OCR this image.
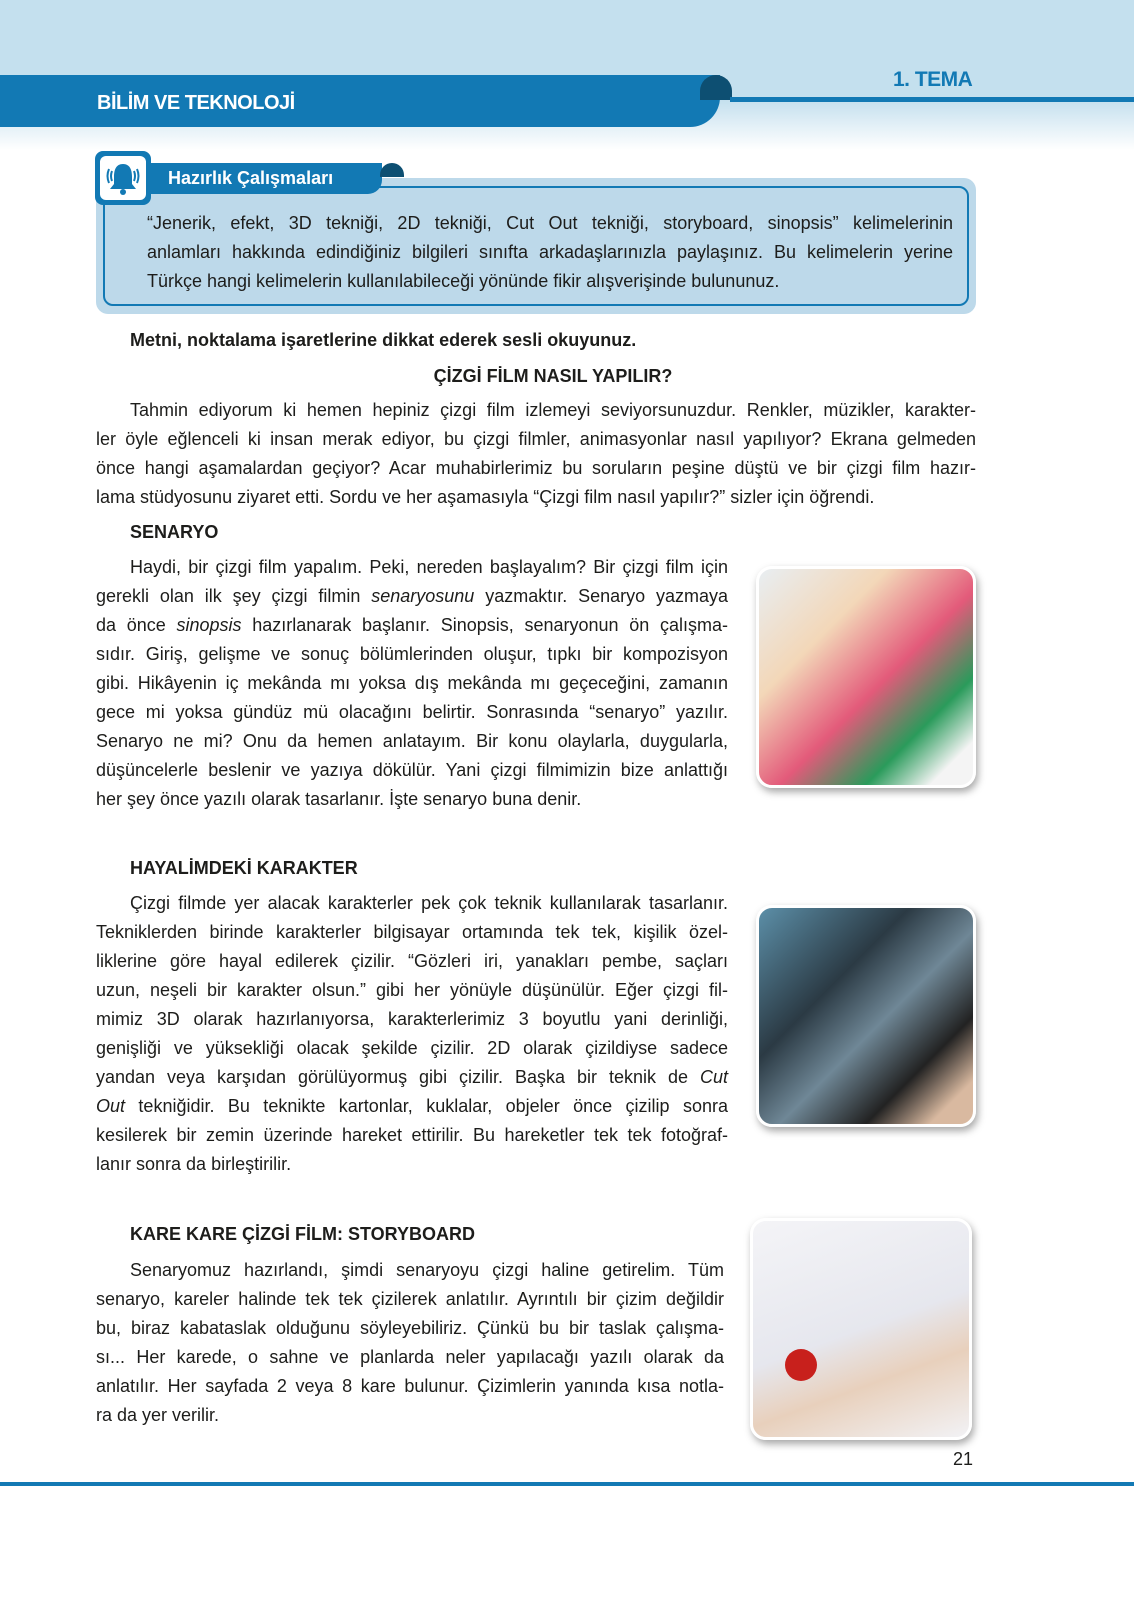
BİLİM VE TEKNOLOJİ
1. TEMA
Hazırlık Çalışmaları
“Jenerik, efekt, 3D tekniği, 2D tekniği, Cut Out tekniği, storyboard, sinopsis” kelimelerinin
anlamları hakkında edindiğiniz bilgileri sınıfta arkadaşlarınızla paylaşınız. Bu kelimelerin yerine
Türkçe hangi kelimelerin kullanılabileceği yönünde fikir alışverişinde bulununuz.
Metni, noktalama işaretlerine dikkat ederek sesli okuyunuz.
ÇİZGİ FİLM NASIL YAPILIR?
Tahmin ediyorum ki hemen hepiniz çizgi film izlemeyi seviyorsunuzdur. Renkler, müzikler, karakter-
ler öyle eğlenceli ki insan merak ediyor, bu çizgi filmler, animasyonlar nasıl yapılıyor? Ekrana gelmeden
önce hangi aşamalardan geçiyor? Acar muhabirlerimiz bu soruların peşine düştü ve bir çizgi film hazır-
lama stüdyosunu ziyaret etti. Sordu ve her aşamasıyla “Çizgi film nasıl yapılır?” sizler için öğrendi.
SENARYO
Haydi, bir çizgi film yapalım. Peki, nereden başlayalım? Bir çizgi film için
gerekli olan ilk şey çizgi filmin senaryosunu yazmaktır. Senaryo yazmaya
da önce sinopsis hazırlanarak başlanır. Sinopsis, senaryonun ön çalışma-
sıdır. Giriş, gelişme ve sonuç bölümlerinden oluşur, tıpkı bir kompozisyon
gibi. Hikâyenin iç mekânda mı yoksa dış mekânda mı geçeceğini, zamanın
gece mi yoksa gündüz mü olacağını belirtir. Sonrasında “senaryo” yazılır.
Senaryo ne mi? Onu da hemen anlatayım. Bir konu olaylarla, duygularla,
düşüncelerle beslenir ve yazıya dökülür. Yani çizgi filmimizin bize anlattığı
her şey önce yazılı olarak tasarlanır. İşte senaryo buna denir.
HAYALİMDEKİ KARAKTER
Çizgi filmde yer alacak karakterler pek çok teknik kullanılarak tasarlanır.
Tekniklerden birinde karakterler bilgisayar ortamında tek tek, kişilik özel-
liklerine göre hayal edilerek çizilir. “Gözleri iri, yanakları pembe, saçları
uzun, neşeli bir karakter olsun.” gibi her yönüyle düşünülür. Eğer çizgi fil-
mimiz 3D olarak hazırlanıyorsa, karakterlerimiz 3 boyutlu yani derinliği,
genişliği ve yüksekliği olacak şekilde çizilir. 2D olarak çizildiyse sadece
yandan veya karşıdan görülüyormuş gibi çizilir. Başka bir teknik de Cut
Out tekniğidir. Bu teknikte kartonlar, kuklalar, objeler önce çizilip sonra
kesilerek bir zemin üzerinde hareket ettirilir. Bu hareketler tek tek fotoğraf-
lanır sonra da birleştirilir.
KARE KARE ÇİZGİ FİLM: STORYBOARD
Senaryomuz hazırlandı, şimdi senaryoyu çizgi haline getirelim. Tüm
senaryo, kareler halinde tek tek çizilerek anlatılır. Ayrıntılı bir çizim değildir
bu, biraz kabataslak olduğunu söyleyebiliriz. Çünkü bu bir taslak çalışma-
sı... Her karede, o sahne ve planlarda neler yapılacağı yazılı olarak da
anlatılır. Her sayfada 2 veya 8 kare bulunur. Çizimlerin yanında kısa notla-
ra da yer verilir.
21
